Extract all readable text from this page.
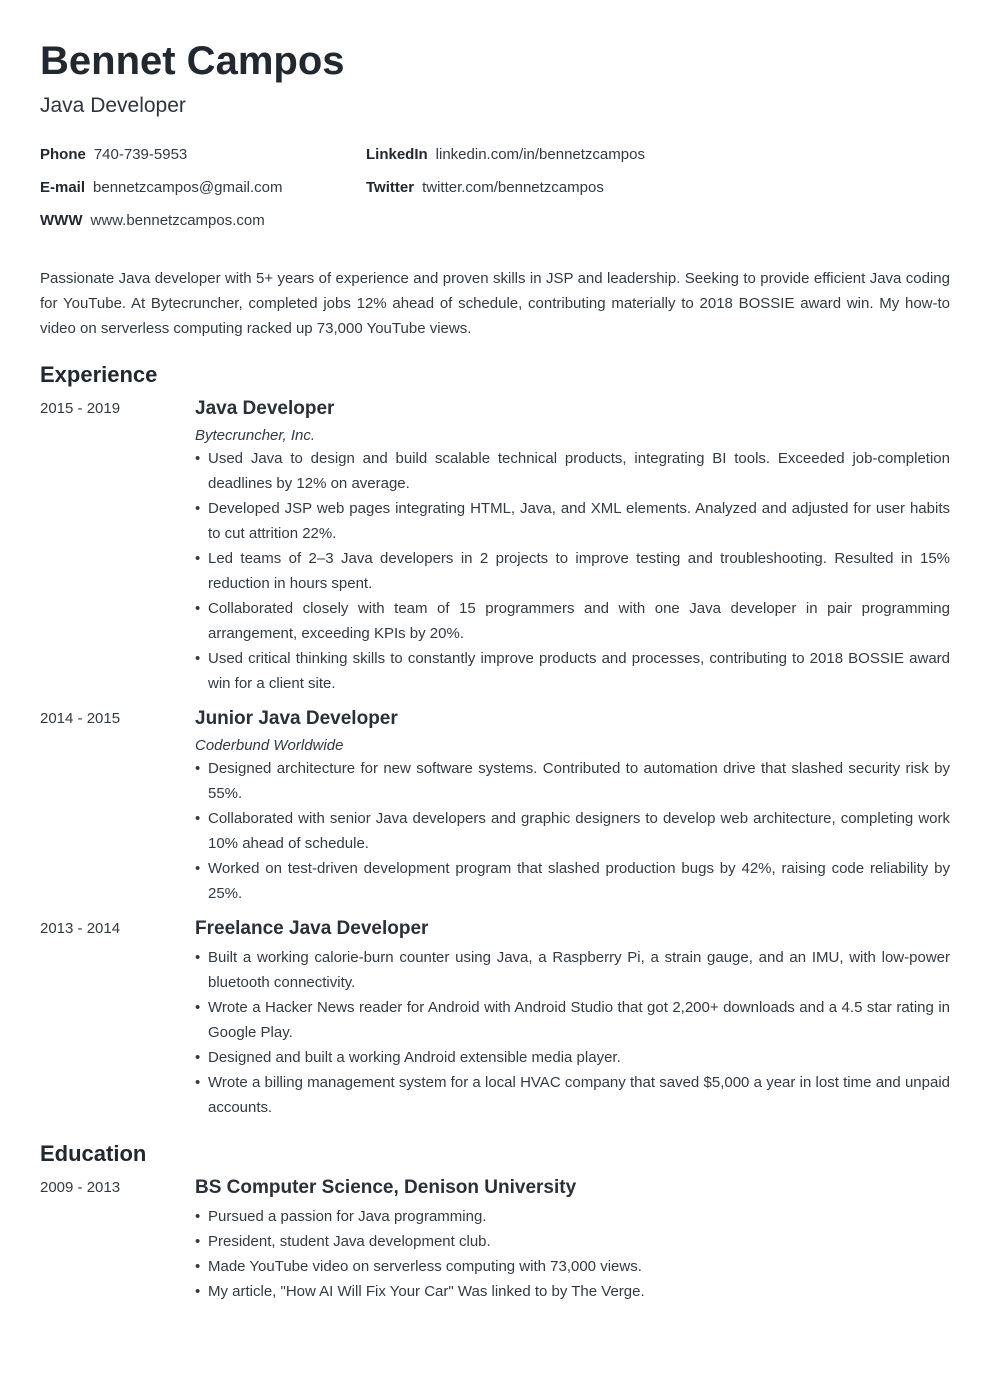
Bennet Campos
Java Developer
Phone 740-739-5953
E-mail bennetzcampos@gmail.com
WWW www.bennetzcampos.com
LinkedIn linkedin.com/in/bennetzcampos
Twitter twitter.com/bennetzcampos
Passionate Java developer with 5+ years of experience and proven skills in JSP and leadership. Seeking to provide efficient Java coding for YouTube. At Bytecruncher, completed jobs 12% ahead of schedule, contributing materially to 2018 BOSSIE award win. My how-to video on serverless computing racked up 73,000 YouTube views.
Experience
2015 - 2019	Java Developer
Bytecruncher, Inc.
• Used Java to design and build scalable technical products, integrating BI tools. Exceeded job-completion deadlines by 12% on average.
• Developed JSP web pages integrating HTML, Java, and XML elements. Analyzed and adjusted for user habits to cut attrition 22%.
• Led teams of 2–3 Java developers in 2 projects to improve testing and troubleshooting. Resulted in 15% reduction in hours spent.
• Collaborated closely with team of 15 programmers and with one Java developer in pair programming arrangement, exceeding KPIs by 20%.
• Used critical thinking skills to constantly improve products and processes, contributing to 2018 BOSSIE award win for a client site.
2014 - 2015	Junior Java Developer
Coderbund Worldwide
• Designed architecture for new software systems. Contributed to automation drive that slashed security risk by 55%.
• Collaborated with senior Java developers and graphic designers to develop web architecture, completing work 10% ahead of schedule.
• Worked on test-driven development program that slashed production bugs by 42%, raising code reliability by 25%.
2013 - 2014	Freelance Java Developer
• Built a working calorie-burn counter using Java, a Raspberry Pi, a strain gauge, and an IMU, with low-power bluetooth connectivity.
• Wrote a Hacker News reader for Android with Android Studio that got 2,200+ downloads and a 4.5 star rating in Google Play.
• Designed and built a working Android extensible media player.
• Wrote a billing management system for a local HVAC company that saved $5,000 a year in lost time and unpaid accounts.
Education
2009 - 2013	BS Computer Science, Denison University
• Pursued a passion for Java programming.
• President, student Java development club.
• Made YouTube video on serverless computing with 73,000 views.
• My article, "How AI Will Fix Your Car" Was linked to by The Verge.
